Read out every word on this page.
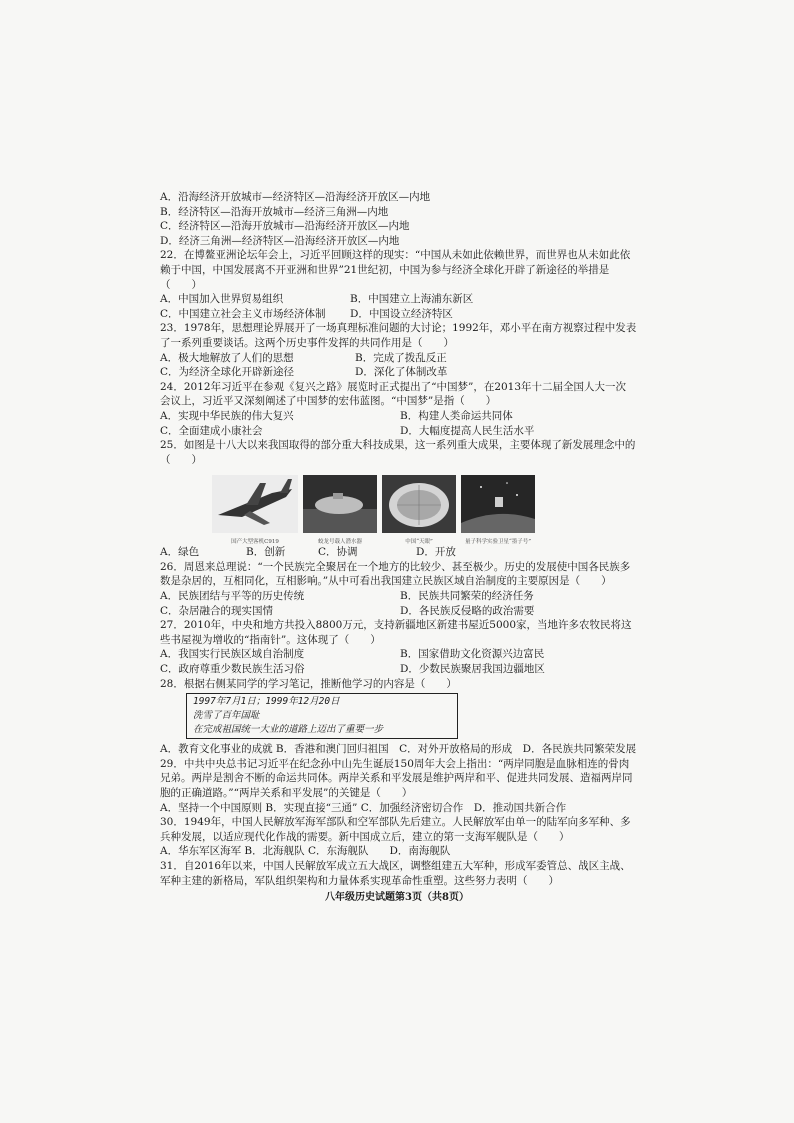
A．沿海经济开放城市—经济特区—沿海经济开放区—内地
B．经济特区—沿海开放城市—经济三角洲—内地
C．经济特区—沿海开放城市—沿海经济开放区—内地
D．经济三角洲—经济特区—沿海经济开放区—内地
22．在博鳌亚洲论坛年会上，习近平回顾这样的现实：“中国从未如此依赖世界，而世界也从未如此依
赖于中国，中国发展离不开亚洲和世界”21世纪初，中国为参与经济全球化开辟了新途径的举措是
（　　）
A．中国加入世界贸易组织	B．中国建立上海浦东新区
C．中国建立社会主义市场经济体制 D．中国设立经济特区
23．1978年，思想理论界展开了一场真理标准问题的大讨论；1992年，邓小平在南方视察过程中发表
了一系列重要谈话。这两个历史事件发挥的共同作用是（　　）
A．极大地解放了人们的思想	B．完成了拨乱反正
C．为经济全球化开辟新途径	D．深化了体制改革
24．2012年习近平在参观《复兴之路》展览时正式提出了“中国梦”，在2013年十二届全国人大一次
会议上，习近平又深刻阐述了中国梦的宏伟蓝图。“中国梦”是指（　　）
A．实现中华民族的伟大复兴	B．构建人类命运共同体
C．全面建成小康社会	D．大幅度提高人民生活水平
25．如图是十八大以来我国取得的部分重大科技成果，这一系列重大成果，主要体现了新发展理念中的
（　　）
国产大型客机C919	蛟龙号载人潜水器	中国“天眼”	量子科学实验卫星“墨子号”
A．绿色	B．创新	C．协调	D．开放
26．周恩来总理说：“一个民族完全聚居在一个地方的比较少、甚至极少。历史的发展使中国各民族多
数是杂居的，互相同化，互相影响。”从中可看出我国建立民族区域自治制度的主要原因是（　　）
A．民族团结与平等的历史传统	B．民族共同繁荣的经济任务
C．杂居融合的现实国情	D．各民族反侵略的政治需要
27．2010年，中央和地方共投入8800万元，支持新疆地区新建书屋近5000家，当地许多农牧民将这
些书屋视为增收的“指南针”。这体现了（　　）
A．我国实行民族区域自治制度	B．国家借助文化资源兴边富民
C．政府尊重少数民族生活习俗	D．少数民族聚居我国边疆地区
28．根据右侧某同学的学习笔记，推断他学习的内容是（　　）
1997年7月1日；1999年12月20日
洗雪了百年国耻
在完成祖国统一大业的道路上迈出了重要一步
A．教育文化事业的成就 B．香港和澳门回归祖国　C．对外开放格局的形成　D．各民族共同繁荣发展
29．中共中央总书记习近平在纪念孙中山先生诞辰150周年大会上指出：“两岸同胞是血脉相连的骨肉
兄弟。两岸是割舍不断的命运共同体。两岸关系和平发展是维护两岸和平、促进共同发展、造福两岸同
胞的正确道路。”“两岸关系和平发展”的关键是（　　）
A．坚持一个中国原则 B．实现直接“三通” C．加强经济密切合作　D．推动国共新合作
30．1949年，中国人民解放军海军部队和空军部队先后建立。人民解放军由单一的陆军向多军种、多
兵种发展，以适应现代化作战的需要。新中国成立后，建立的第一支海军舰队是（　　）
A．华东军区海军 B．北海舰队 C．东海舰队　　D．南海舰队
31．自2016年以来，中国人民解放军成立五大战区，调整组建五大军种，形成军委管总、战区主战、
军种主建的新格局，军队组织架构和力量体系实现革命性重塑。这些努力表明（　　）
八年级历史试题第3页（共8页）
